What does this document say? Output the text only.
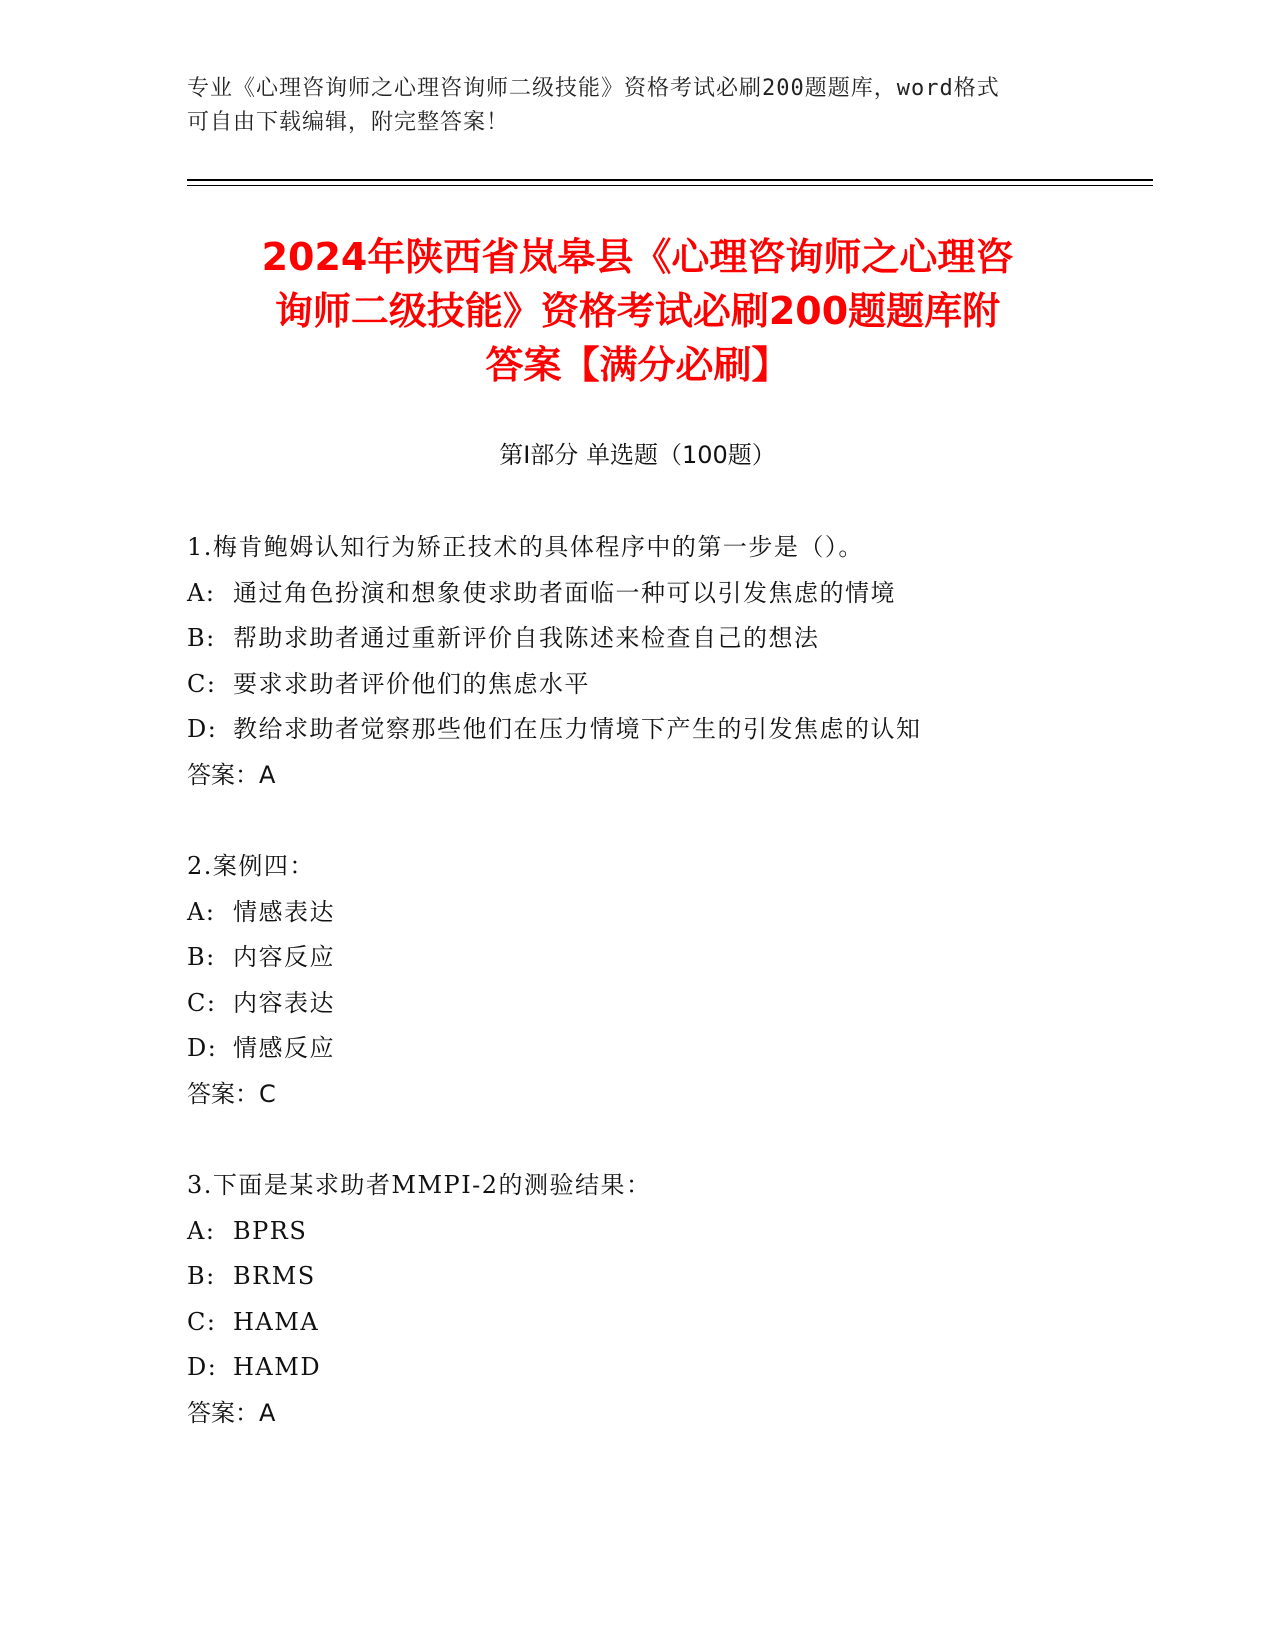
专业《心理咨询师之心理咨询师二级技能》资格考试必刷200题题库，word格式
可自由下载编辑，附完整答案！
2024年陕西省岚皋县《心理咨询师之心理咨
询师二级技能》资格考试必刷200题题库附
答案【满分必刷】
第Ⅰ部分 单选题（100题）
1.梅肯鲍姆认知行为矫正技术的具体程序中的第一步是（）。
A: 通过角色扮演和想象使求助者面临一种可以引发焦虑的情境
B: 帮助求助者通过重新评价自我陈述来检查自己的想法
C: 要求求助者评价他们的焦虑水平
D: 教给求助者觉察那些他们在压力情境下产生的引发焦虑的认知
答案：A
2.案例四：
A: 情感表达
B: 内容反应
C: 内容表达
D: 情感反应
答案：C
3.下面是某求助者MMPI-2的测验结果：
A: BPRS
B: BRMS
C: HAMA
D: HAMD
答案：A
